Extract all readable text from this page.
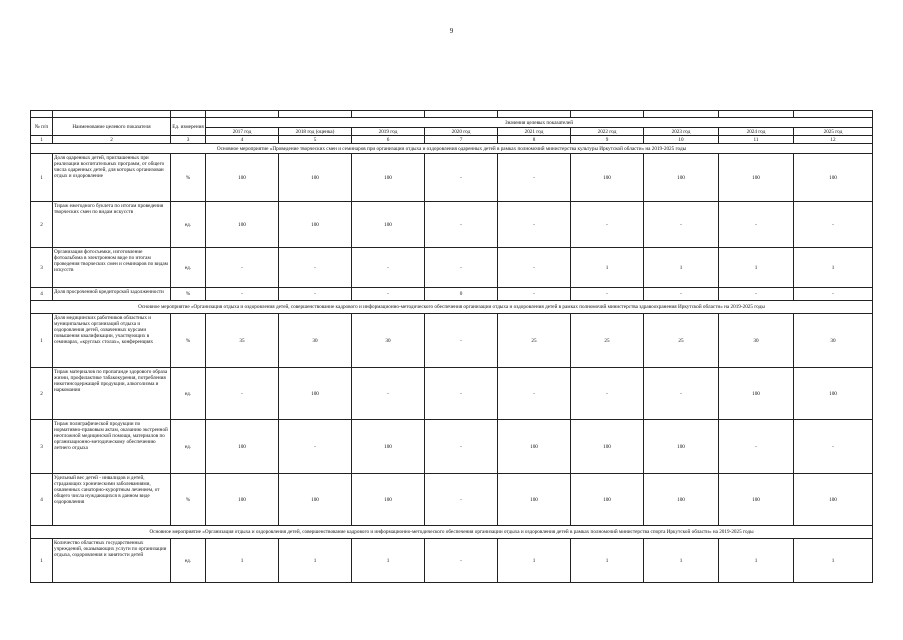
9

№ п/п	Наименование целевого показателя	Ед. измерения	Значения целевых показателей								
			2017 год	2018 год (оценка)	2019 год	2020 год	2021 год	2022 год	2023 год	2024 год	2025 год
1	2	3	4	5	6	7	8	9	10	11	12
Основное мероприятие «Проведение творческих смен и семинаров при организации отдыха и оздоровления одаренных детей в рамках полномочий министерства культуры Иркутской области» на 2019-2025 годы											
1	Доля одаренных детей, приглашенных при реализации воспитательных программ, от общего числа одаренных детей, для которых организован отдых и оздоровление	%	100	100	100	-	-	100	100	100	100
2	Тираж ежегодного буклета по итогам проведения творческих смен по видам искусств	ед.	100	100	100	-	-	-	-	-	-
3	Организация фотосъемки, изготовление фотоальбома в электронном виде по итогам проведения творческих смен и семинаров по видам искусств	ед.	-	-	-	-	-	1	1	1	1
4	Доля просроченной кредиторской задолженности	%	-	-	-	0	-	-	-	-	-
Основное мероприятие «Организация отдыха и оздоровления детей, совершенствование кадрового и информационно-методического обеспечения организации отдыха и оздоровления детей в рамках полномочий министерства здравоохранения Иркутской области» на 2019-2025 годы											
1	Доля медицинских работников областных и муниципальных организаций отдыха и оздоровления детей, охваченных курсами повышения квалификации, участвующих в семинарах, «круглых столах», конференциях	%	35	30	30	-	25	25	25	30	30
2	Тираж материалов по пропаганде здорового образа жизни, профилактике табакокурения, потребления никотинсодержащей продукции, алкоголизма и наркомании	ед.	-	100	-	-	-	-	-	100	100
3	Тираж полиграфической продукции по нормативно-правовым актам, оказанию экстренной неотложной медицинской помощи, материалов по организационно-методическому обеспечению летнего отдыха	ед.	100	-	100	-	100	100	100	-	-
4	Удельный вес детей - инвалидов и детей, страдающих хроническими заболеваниями, охваченных санаторно-курортным лечением, от общего числа нуждающихся в данном виде оздоровления	%	100	100	100	-	100	100	100	100	100
Основное мероприятие «Организация отдыха и оздоровления детей, совершенствование кадрового и информационно-методического обеспечения организации отдыха и оздоровления детей в рамках полномочий министерства спорта Иркутской области» на 2019-2025 годы											
1	Количество областных государственных учреждений, оказывающих услуги по организации отдыха, оздоровления и занятости детей	ед.	1	1	1	-	1	1	1	1	1
